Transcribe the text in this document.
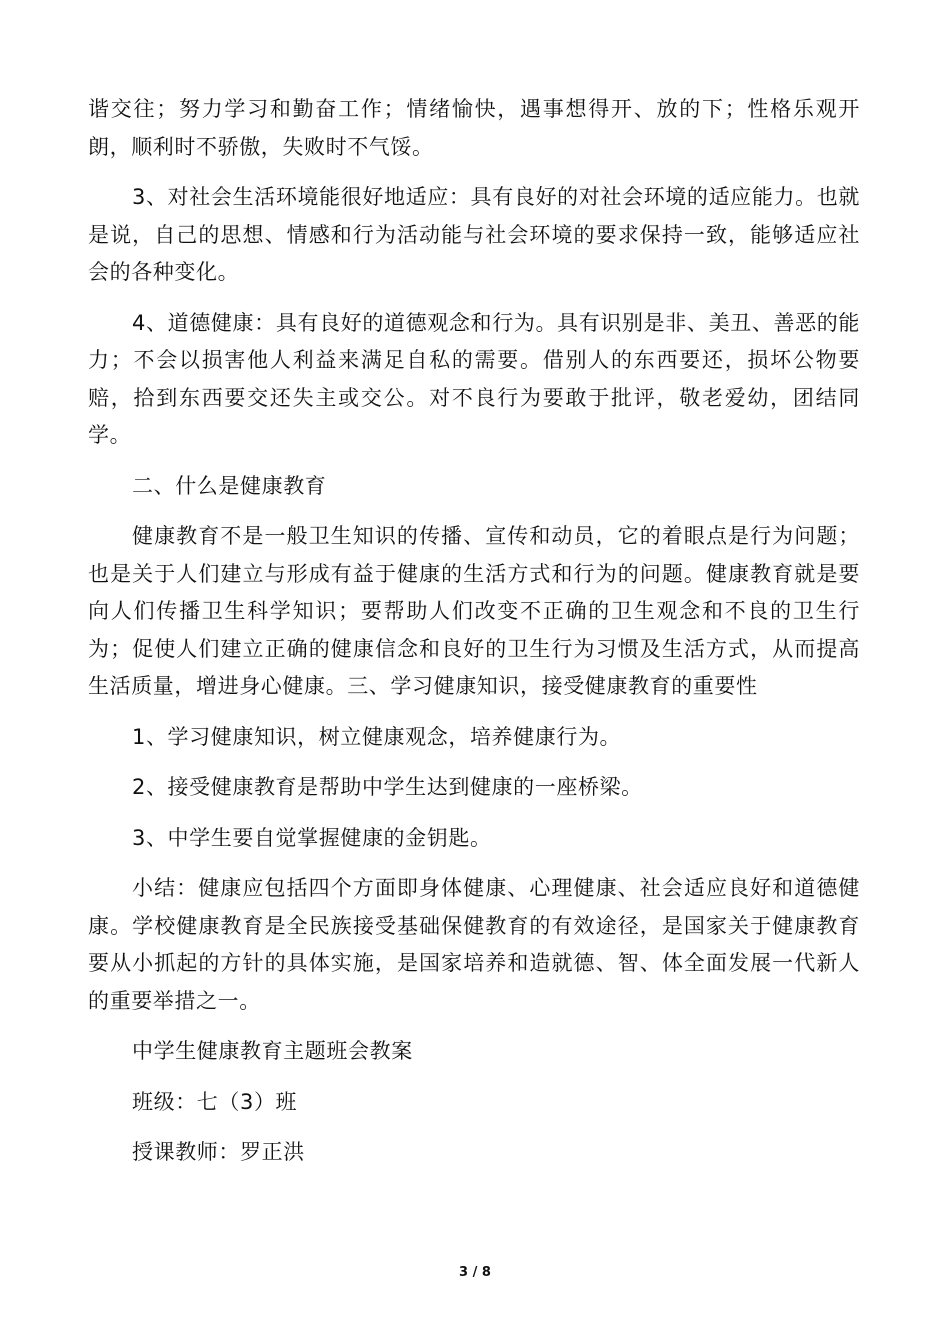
谐交往；努力学习和勤奋工作；情绪愉快，遇事想得开、放的下；性格乐观开朗，顺利时不骄傲，失败时不气馁。

3、对社会生活环境能很好地适应：具有良好的对社会环境的适应能力。也就是说，自己的思想、情感和行为活动能与社会环境的要求保持一致，能够适应社会的各种变化。

4、道德健康：具有良好的道德观念和行为。具有识别是非、美丑、善恶的能力；不会以损害他人利益来满足自私的需要。借别人的东西要还，损坏公物要赔，拾到东西要交还失主或交公。对不良行为要敢于批评，敬老爱幼，团结同学。

二、什么是健康教育

健康教育不是一般卫生知识的传播、宣传和动员，它的着眼点是行为问题；也是关于人们建立与形成有益于健康的生活方式和行为的问题。健康教育就是要向人们传播卫生科学知识；要帮助人们改变不正确的卫生观念和不良的卫生行为；促使人们建立正确的健康信念和良好的卫生行为习惯及生活方式，从而提高生活质量，增进身心健康。三、学习健康知识，接受健康教育的重要性

1、学习健康知识，树立健康观念，培养健康行为。

2、接受健康教育是帮助中学生达到健康的一座桥梁。

3、中学生要自觉掌握健康的金钥匙。

小结：健康应包括四个方面即身体健康、心理健康、社会适应良好和道德健康。学校健康教育是全民族接受基础保健教育的有效途径，是国家关于健康教育要从小抓起的方针的具体实施，是国家培养和造就德、智、体全面发展一代新人的重要举措之一。

中学生健康教育主题班会教案

班级：七（3）班

授课教师：罗正洪

3 / 8
